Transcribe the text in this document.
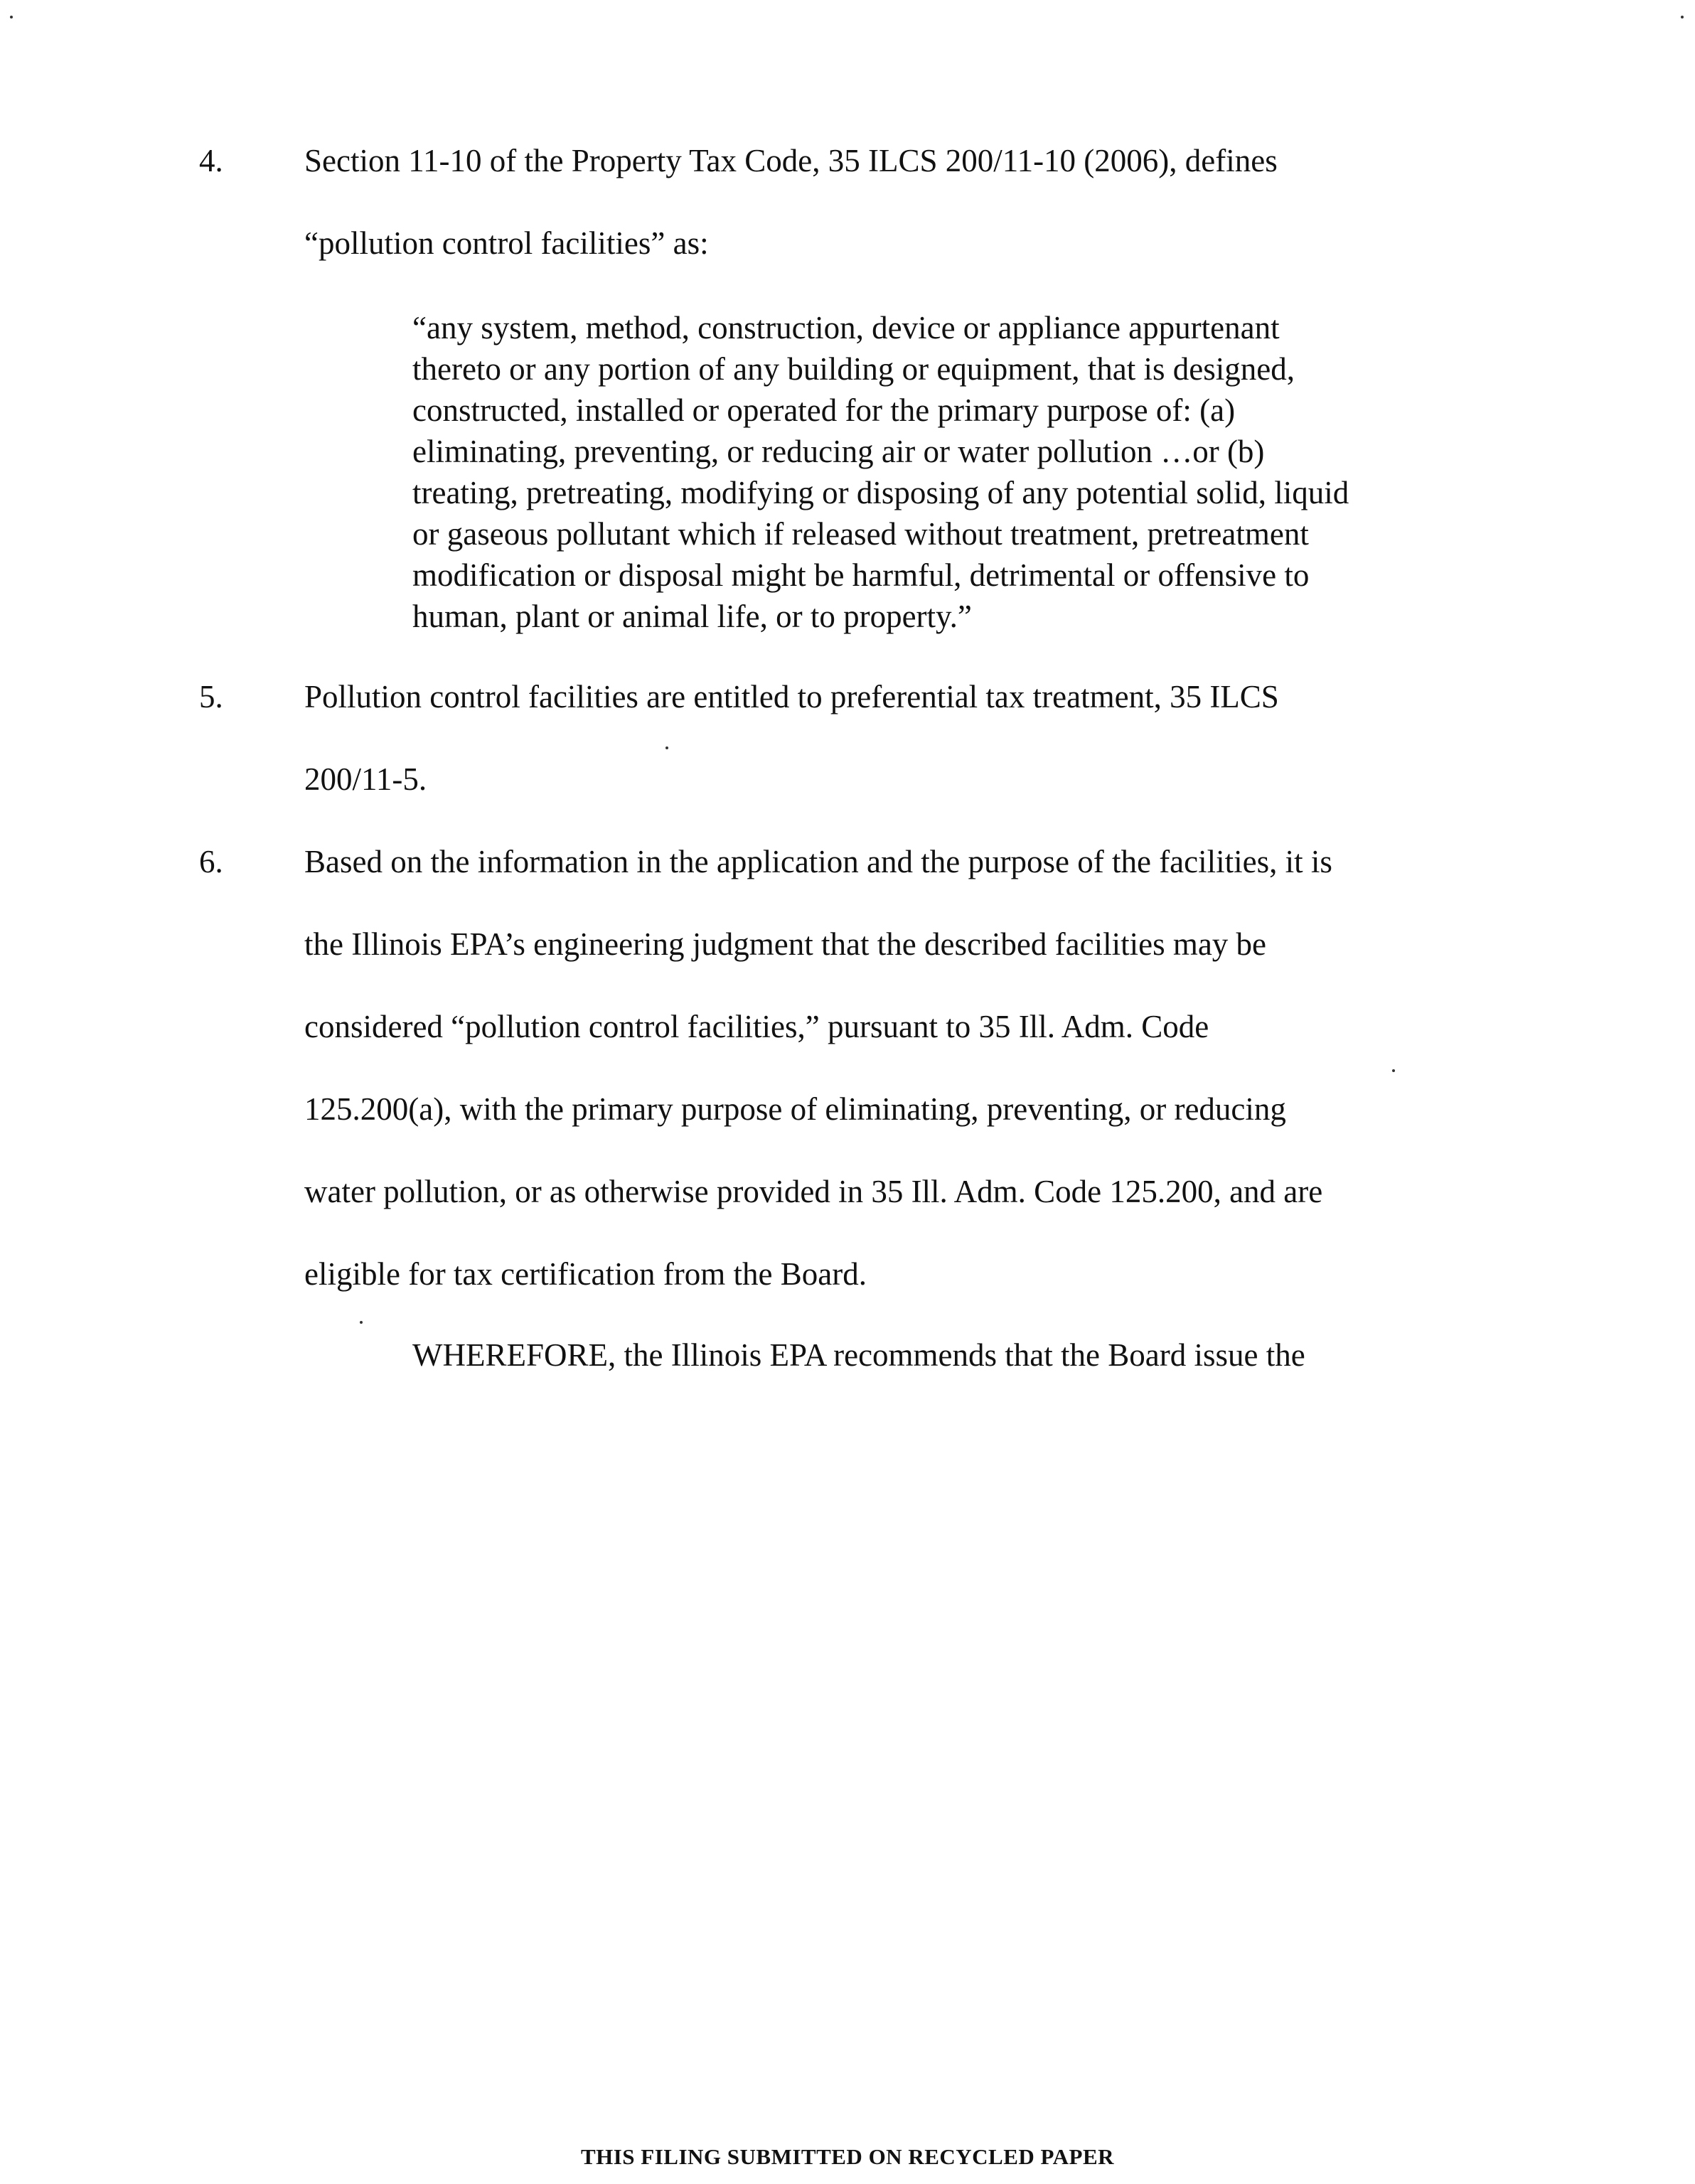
4.	Section 11-10 of the Property Tax Code, 35 ILCS 200/11-10 (2006), defines
“pollution control facilities” as:
“any system, method, construction, device or appliance appurtenant
thereto or any portion of any building or equipment, that is designed,
constructed, installed or operated for the primary purpose of: (a)
eliminating, preventing, or reducing air or water pollution …or (b)
treating, pretreating, modifying or disposing of any potential solid, liquid
or gaseous pollutant which if released without treatment, pretreatment
modification or disposal might be harmful, detrimental or offensive to
human, plant or animal life, or to property.”
5.	Pollution control facilities are entitled to preferential tax treatment, 35 ILCS
200/11-5.
6.	Based on the information in the application and the purpose of the facilities, it is
the Illinois EPA’s engineering judgment that the described facilities may be
considered “pollution control facilities,” pursuant to 35 Ill. Adm. Code
125.200(a), with the primary purpose of eliminating, preventing, or reducing
water pollution, or as otherwise provided in 35 Ill. Adm. Code 125.200, and are
eligible for tax certification from the Board.
WHEREFORE, the Illinois EPA recommends that the Board issue the
THIS FILING SUBMITTED ON RECYCLED PAPER
